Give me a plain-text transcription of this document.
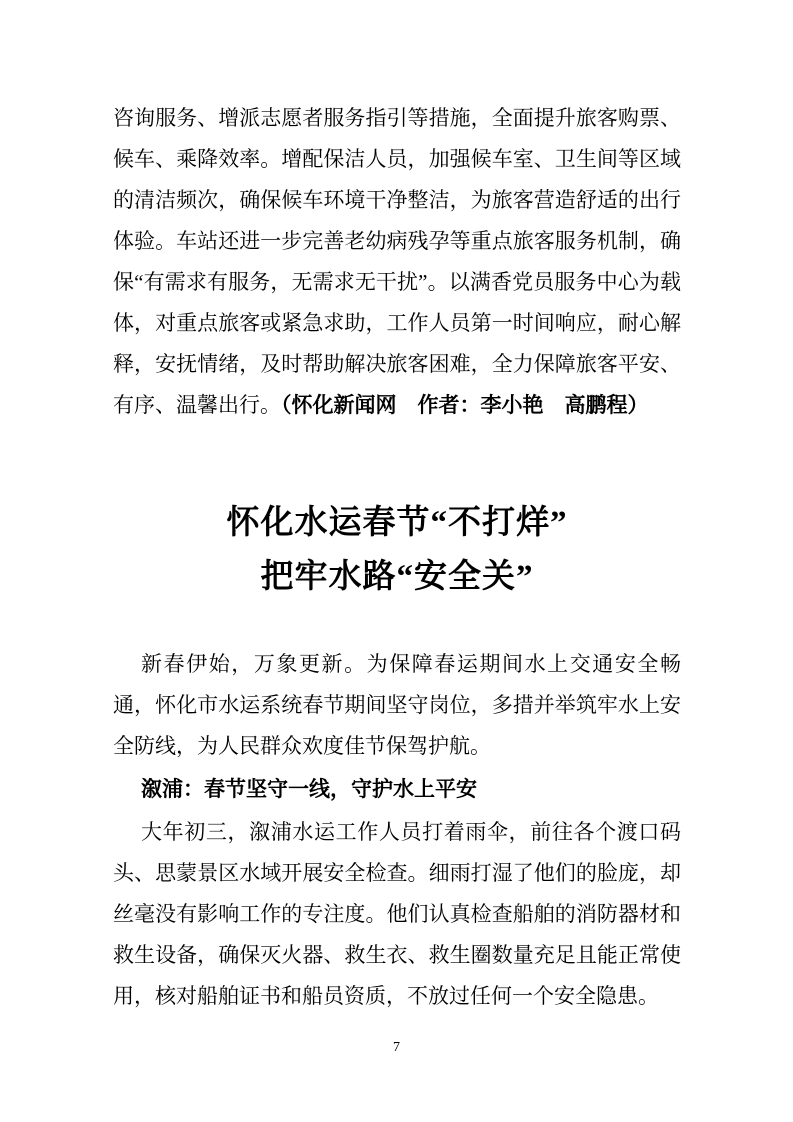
咨询服务、增派志愿者服务指引等措施，全面提升旅客购票、候车、乘降效率。增配保洁人员，加强候车室、卫生间等区域的清洁频次，确保候车环境干净整洁，为旅客营造舒适的出行体验。车站还进一步完善老幼病残孕等重点旅客服务机制，确保“有需求有服务，无需求无干扰”。以满香党员服务中心为载体，对重点旅客或紧急求助，工作人员第一时间响应，耐心解释，安抚情绪，及时帮助解决旅客困难，全力保障旅客平安、有序、温馨出行。（怀化新闻网　作者：李小艳　高鹏程）

怀化水运春节“不打烊”
把牢水路“安全关”

新春伊始，万象更新。为保障春运期间水上交通安全畅通，怀化市水运系统春节期间坚守岗位，多措并举筑牢水上安全防线，为人民群众欢度佳节保驾护航。

溆浦：春节坚守一线，守护水上平安

大年初三，溆浦水运工作人员打着雨伞，前往各个渡口码头、思蒙景区水域开展安全检查。细雨打湿了他们的脸庞，却丝毫没有影响工作的专注度。他们认真检查船舶的消防器材和救生设备，确保灭火器、救生衣、救生圈数量充足且能正常使用，核对船舶证书和船员资质，不放过任何一个安全隐患。

7
